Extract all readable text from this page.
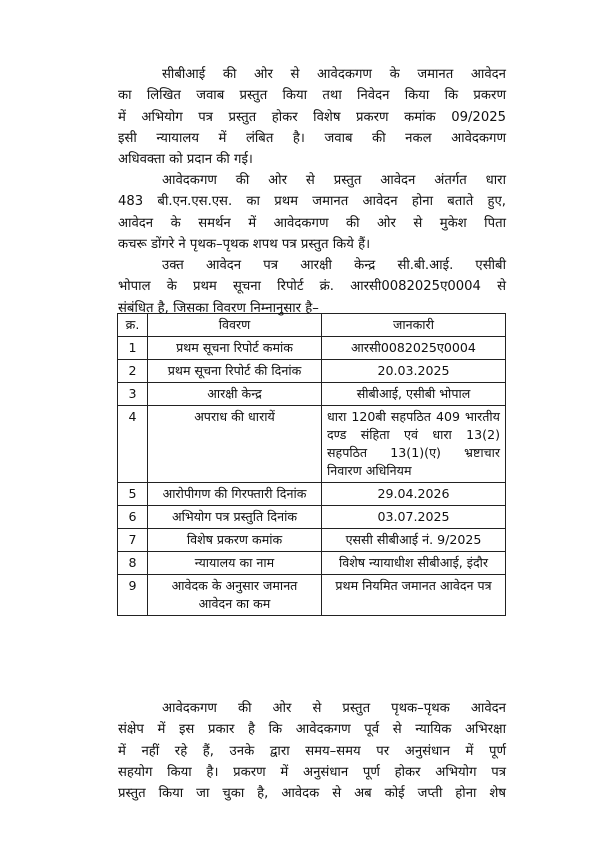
सीबीआई की ओर से आवेदकगण के जमानत आवेदन
का लिखित जवाब प्रस्तुत किया तथा निवेदन किया कि प्रकरण
में अभियोग पत्र प्रस्तुत होकर विशेष प्रकरण कमांक 09/2025
इसी न्यायालय में लंबित है। जवाब की नकल आवेदकगण
अधिवक्ता को प्रदान की गई।

आवेदकगण की ओर से प्रस्तुत आवेदन अंतर्गत धारा
483 बी.एन.एस.एस. का प्रथम जमानत आवेदन होना बताते हुए,
आवेदन के समर्थन में आवेदकगण की ओर से मुकेश पिता
कचरू डोंगरे ने पृथक–पृथक शपथ पत्र प्रस्तुत किये हैं।

उक्त आवेदन पत्र आरक्षी केन्द्र सी.बी.आई. एसीबी
भोपाल के प्रथम सूचना रिपोर्ट क्रं. आरसी0082025ए0004 से
संबंधित है, जिसका विवरण निम्नानुसार है–

क्र.	विवरण	जानकारी
1	प्रथम सूचना रिपोर्ट कमांक	आरसी0082025ए0004
2	प्रथम सूचना रिपोर्ट की दिनांक	20.03.2025
3	आरक्षी केन्द्र	सीबीआई, एसीबी भोपाल
4	अपराध की धारायें	धारा 120बी सहपठित 409 भारतीय दण्ड संहिता एवं धारा 13(2) सहपठित 13(1)(ए) भ्रष्टाचार निवारण अधिनियम
5	आरोपीगण की गिरफ्तारी दिनांक	29.04.2026
6	अभियोग पत्र प्रस्तुति दिनांक	03.07.2025
7	विशेष प्रकरण कमांक	एससी सीबीआई नं. 9/2025
8	न्यायालय का नाम	विशेष न्यायाधीश सीबीआई, इंदौर
9	आवेदक के अनुसार जमानत आवेदन का कम	प्रथम नियमित जमानत आवेदन पत्र

आवेदकगण की ओर से प्रस्तुत पृथक–पृथक आवेदन
संक्षेप में इस प्रकार है कि आवेदकगण पूर्व से न्यायिक अभिरक्षा
में नहीं रहे हैं, उनके द्वारा समय–समय पर अनुसंधान में पूर्ण
सहयोग किया है। प्रकरण में अनुसंधान पूर्ण होकर अभियोग पत्र
प्रस्तुत किया जा चुका है, आवेदक से अब कोई जप्ती होना शेष
